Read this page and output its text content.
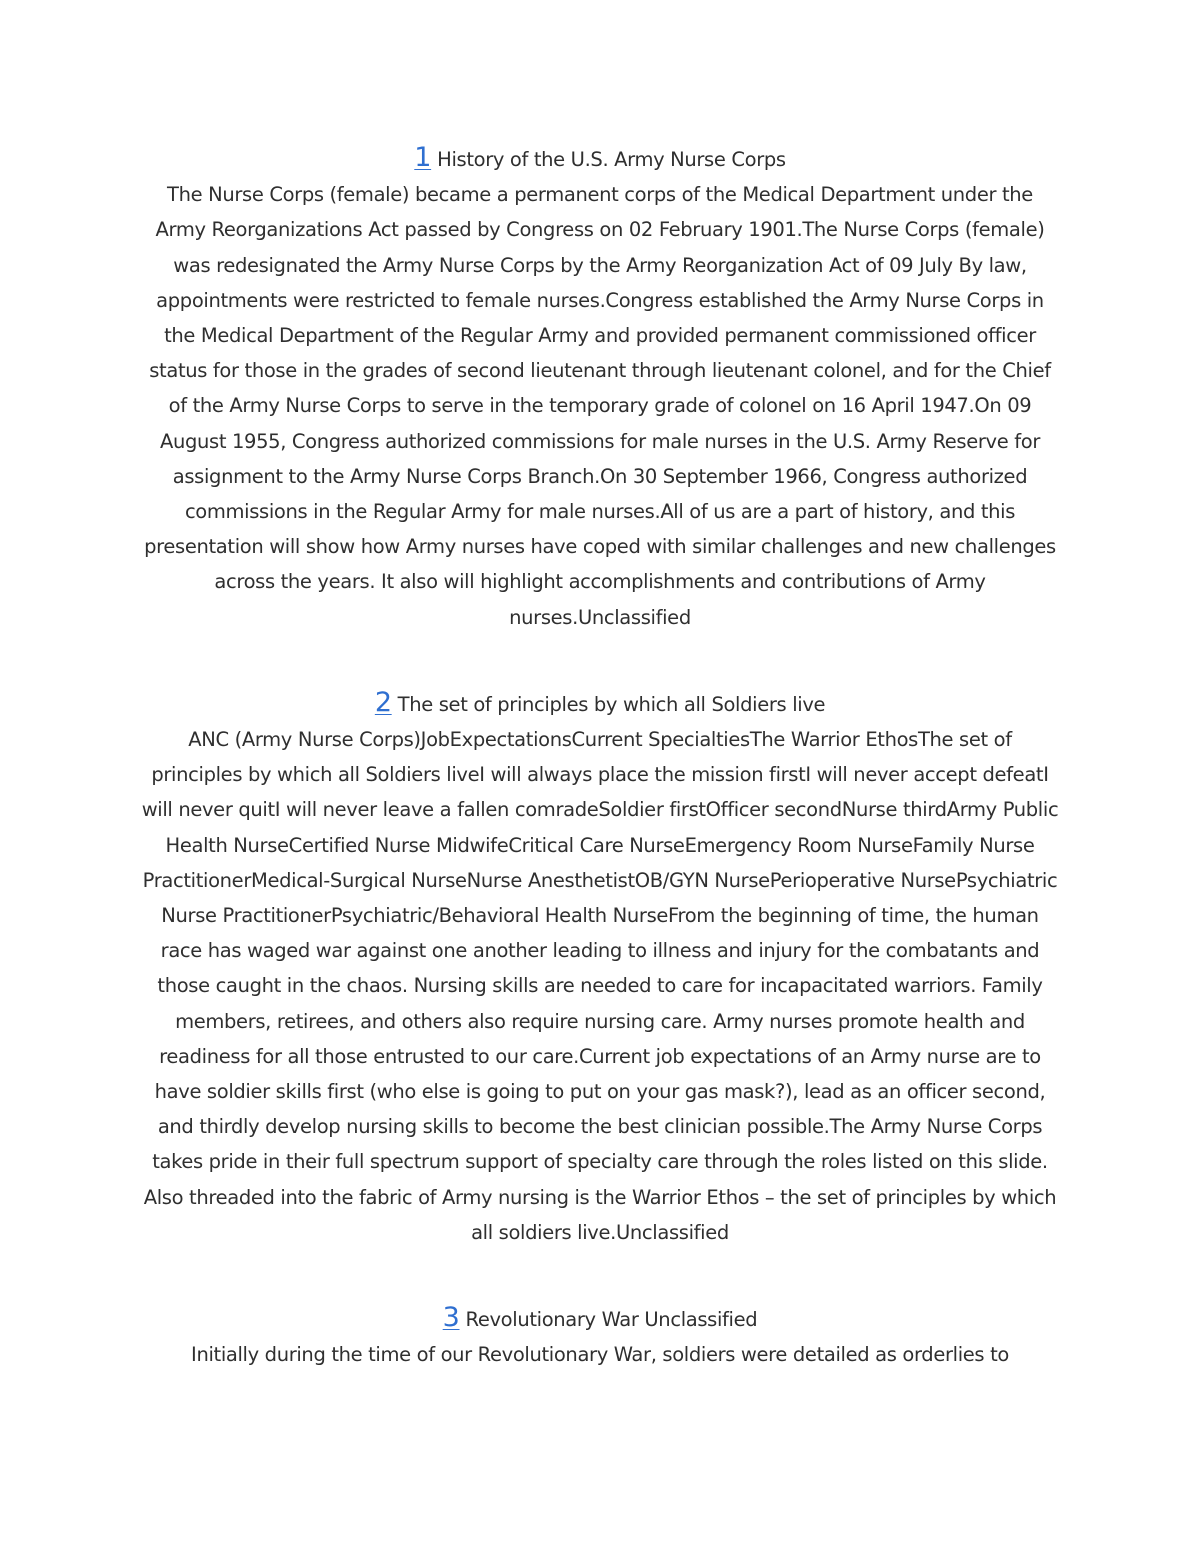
1 History of the U.S. Army Nurse Corps

The Nurse Corps (female) became a permanent corps of the Medical Department under the Army Reorganizations Act passed by Congress on 02 February 1901.The Nurse Corps (female) was redesignated the Army Nurse Corps by the Army Reorganization Act of 09 July By law, appointments were restricted to female nurses.Congress established the Army Nurse Corps in the Medical Department of the Regular Army and provided permanent commissioned officer status for those in the grades of second lieutenant through lieutenant colonel, and for the Chief of the Army Nurse Corps to serve in the temporary grade of colonel on 16 April 1947.On 09 August 1955, Congress authorized commissions for male nurses in the U.S. Army Reserve for assignment to the Army Nurse Corps Branch.On 30 September 1966, Congress authorized commissions in the Regular Army for male nurses.All of us are a part of history, and this presentation will show how Army nurses have coped with similar challenges and new challenges across the years. It also will highlight accomplishments and contributions of Army nurses.Unclassified

2 The set of principles by which all Soldiers live

ANC (Army Nurse Corps)JobExpectationsCurrent SpecialtiesThe Warrior EthosThe set of principles by which all Soldiers liveI will always place the mission firstI will never accept defeatI will never quitI will never leave a fallen comradeSoldier firstOfficer secondNurse thirdArmy Public Health NurseCertified Nurse MidwifeCritical Care NurseEmergency Room NurseFamily Nurse PractitionerMedical-Surgical NurseNurse AnesthetistOB/GYN NursePerioperative NursePsychiatric Nurse PractitionerPsychiatric/Behavioral Health NurseFrom the beginning of time, the human race has waged war against one another leading to illness and injury for the combatants and those caught in the chaos. Nursing skills are needed to care for incapacitated warriors. Family members, retirees, and others also require nursing care. Army nurses promote health and readiness for all those entrusted to our care.Current job expectations of an Army nurse are to have soldier skills first (who else is going to put on your gas mask?), lead as an officer second, and thirdly develop nursing skills to become the best clinician possible.The Army Nurse Corps takes pride in their full spectrum support of specialty care through the roles listed on this slide. Also threaded into the fabric of Army nursing is the Warrior Ethos – the set of principles by which all soldiers live.Unclassified

3 Revolutionary War Unclassified

Initially during the time of our Revolutionary War, soldiers were detailed as orderlies to
